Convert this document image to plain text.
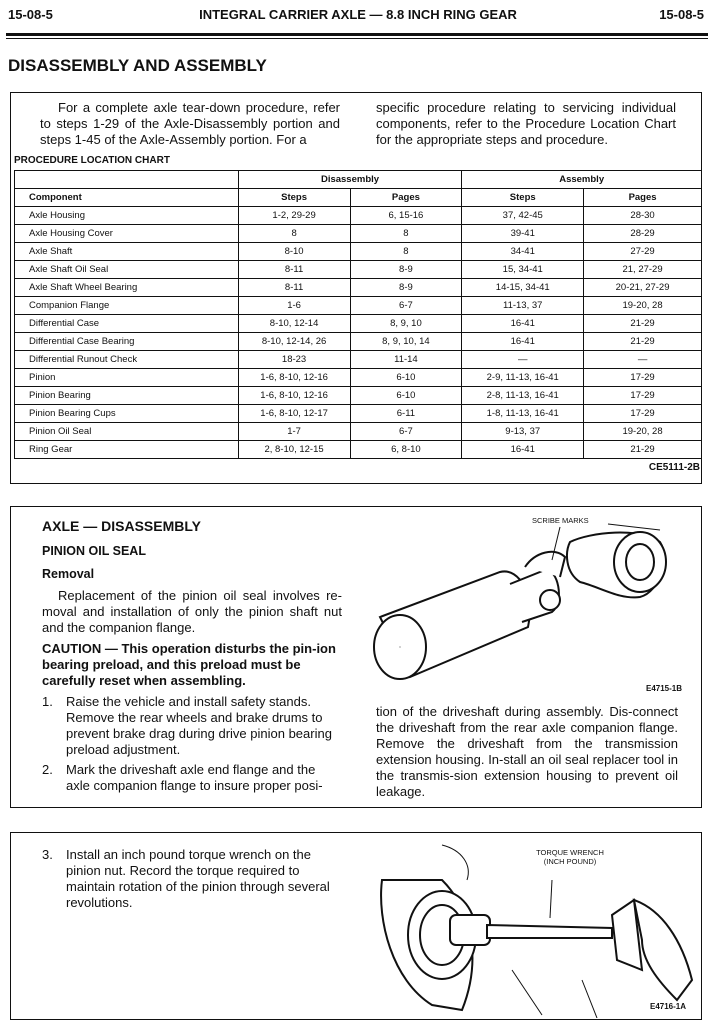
15-08-5	INTEGRAL CARRIER AXLE — 8.8 INCH RING GEAR	15-08-5
DISASSEMBLY AND ASSEMBLY
For a complete axle tear-down procedure, refer to steps 1-29 of the Axle-Disassembly portion and steps 1-45 of the Axle-Assembly portion. For a
specific procedure relating to servicing individual components, refer to the Procedure Location Chart for the appropriate steps and procedure.
PROCEDURE LOCATION CHART
	Disassembly		Assembly	
Component	Steps	Pages	Steps	Pages
Axle Housing	1-2, 29-29	6, 15-16	37, 42-45	28-30
Axle Housing Cover	8	8	39-41	28-29
Axle Shaft	8-10	8	34-41	27-29
Axle Shaft Oil Seal	8-11	8-9	15, 34-41	21, 27-29
Axle Shaft Wheel Bearing	8-11	8-9	14-15, 34-41	20-21, 27-29
Companion Flange	1-6	6-7	11-13, 37	19-20, 28
Differential Case	8-10, 12-14	8, 9, 10	16-41	21-29
Differential Case Bearing	8-10, 12-14, 26	8, 9, 10, 14	16-41	21-29
Differential Runout Check	18-23	11-14	—	—
Pinion	1-6, 8-10, 12-16	6-10	2-9, 11-13, 16-41	17-29
Pinion Bearing	1-6, 8-10, 12-16	6-10	2-8, 11-13, 16-41	17-29
Pinion Bearing Cups	1-6, 8-10, 12-17	6-11	1-8, 11-13, 16-41	17-29
Pinion Oil Seal	1-7	6-7	9-13, 37	19-20, 28
Ring Gear	2, 8-10, 12-15	6, 8-10	16-41	21-29
CE5111-2B
AXLE — DISASSEMBLY
PINION OIL SEAL
Removal
Replacement of the pinion oil seal involves re-moval and installation of only the pinion shaft nut and the companion flange.
CAUTION — This operation disturbs the pin-ion bearing preload, and this preload must be carefully reset when assembling.
1. Raise the vehicle and install safety stands. Remove the rear wheels and brake drums to prevent brake drag during drive pinion bearing preload adjustment.
2. Mark the driveshaft axle end flange and the axle companion flange to insure proper posi-
tion of the driveshaft during assembly. Dis-connect the driveshaft from the rear axle companion flange. Remove the driveshaft from the transmission extension housing. In-stall an oil seal replacer tool in the transmis-sion extension housing to prevent oil leakage.
SCRIBE MARKS
E4715-1B
3. Install an inch pound torque wrench on the pinion nut. Record the torque required to maintain rotation of the pinion through several revolutions.
TORQUE WRENCH
(INCH POUND)
E4716-1A
